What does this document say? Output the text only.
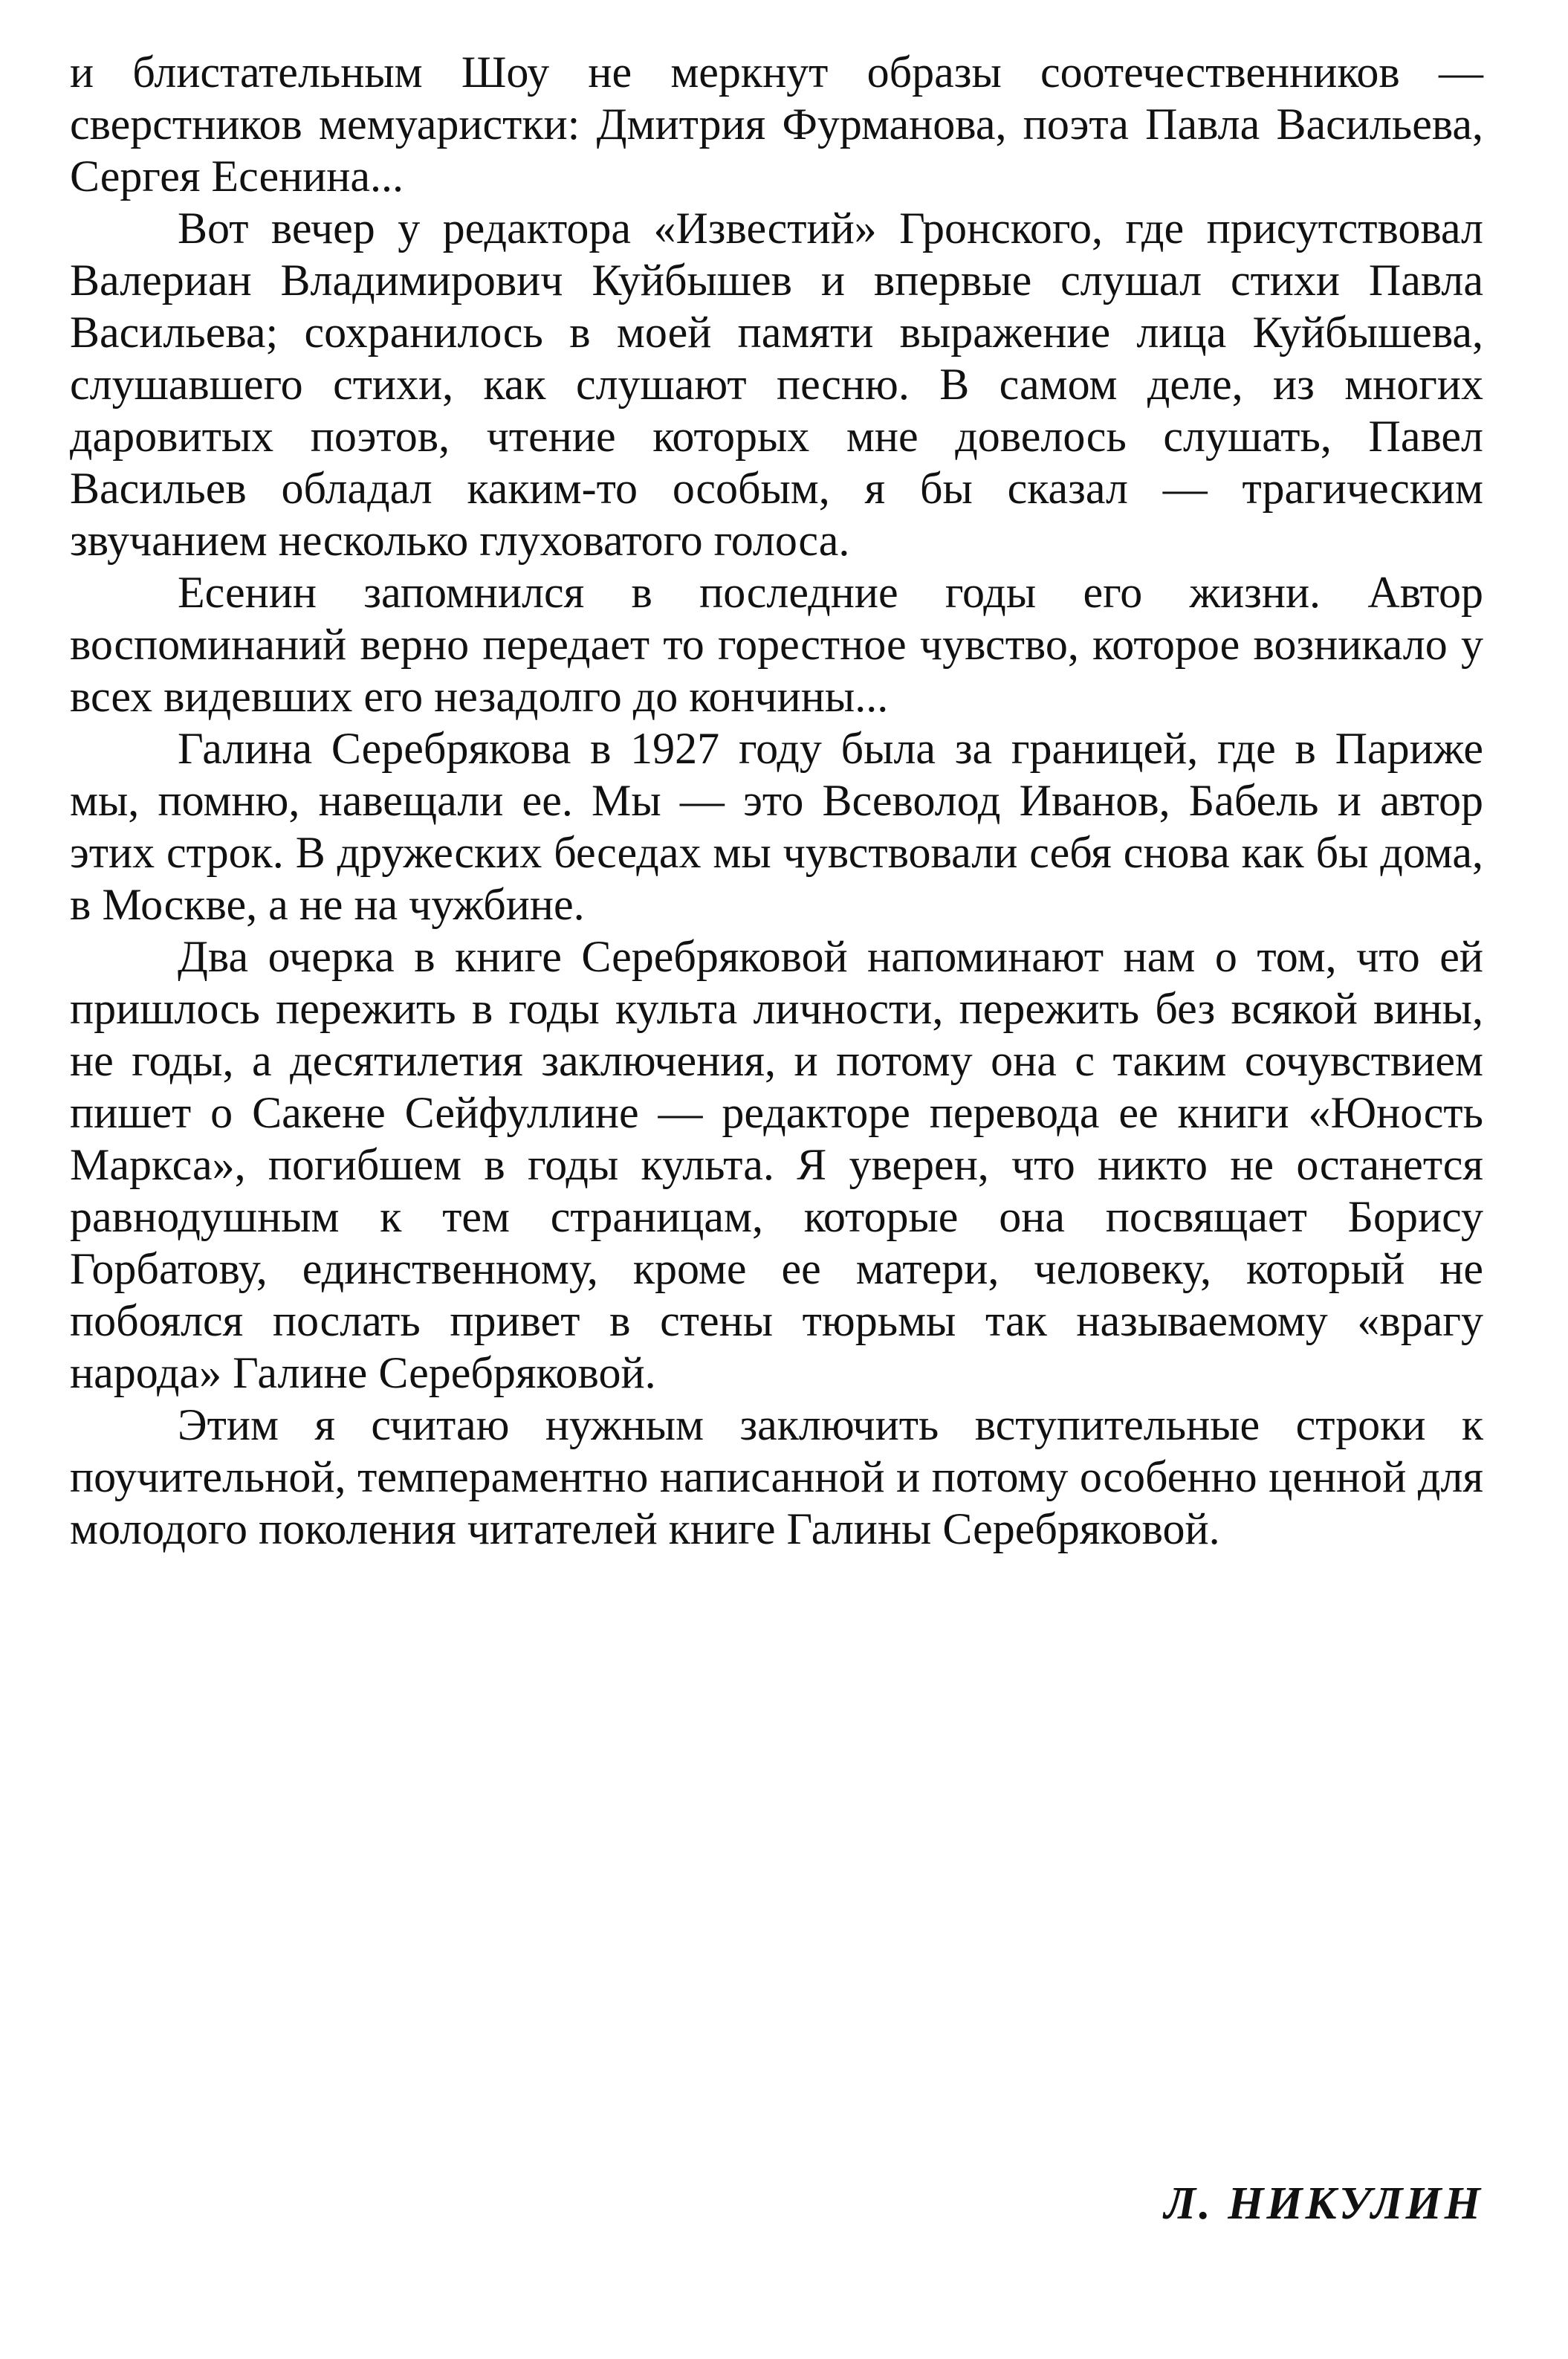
и блистательным Шоу не меркнут образы соотечественников — сверстников мемуаристки: Дмитрия Фурманова, поэта Павла Васильева, Сергея Есенина...

Вот вечер у редактора «Известий» Гронского, где присутствовал Валериан Владимирович Куйбышев и впервые слушал стихи Павла Васильева; сохранилось в моей памяти выражение лица Куйбышева, слушавшего стихи, как слушают песню. В самом деле, из многих даровитых поэтов, чтение которых мне довелось слушать, Павел Васильев обладал каким-то особым, я бы сказал — трагическим звучанием несколько глуховатого голоса.

Есенин запомнился в последние годы его жизни. Автор воспоминаний верно передает то горестное чувство, которое возникало у всех видевших его незадолго до кончины...

Галина Серебрякова в 1927 году была за границей, где в Париже мы, помню, навещали ее. Мы — это Всеволод Иванов, Бабель и автор этих строк. В дружеских беседах мы чувствовали себя снова как бы дома, в Москве, а не на чужбине.

Два очерка в книге Серебряковой напоминают нам о том, что ей пришлось пережить в годы культа личности, пережить без всякой вины, не годы, а десятилетия заключения, и потому она с таким сочувствием пишет о Сакене Сейфуллине — редакторе перевода ее книги «Юность Маркса», погибшем в годы культа. Я уверен, что никто не останется равнодушным к тем страницам, которые она посвящает Борису Горбатову, единственному, кроме ее матери, человеку, который не побоялся послать привет в стены тюрьмы так называемому «врагу народа» Галине Серебряковой.

Этим я считаю нужным заключить вступительные строки к поучительной, темпераментно написанной и потому особенно ценной для молодого поколения читателей книге Галины Серебряковой.

Л. НИКУЛИН
